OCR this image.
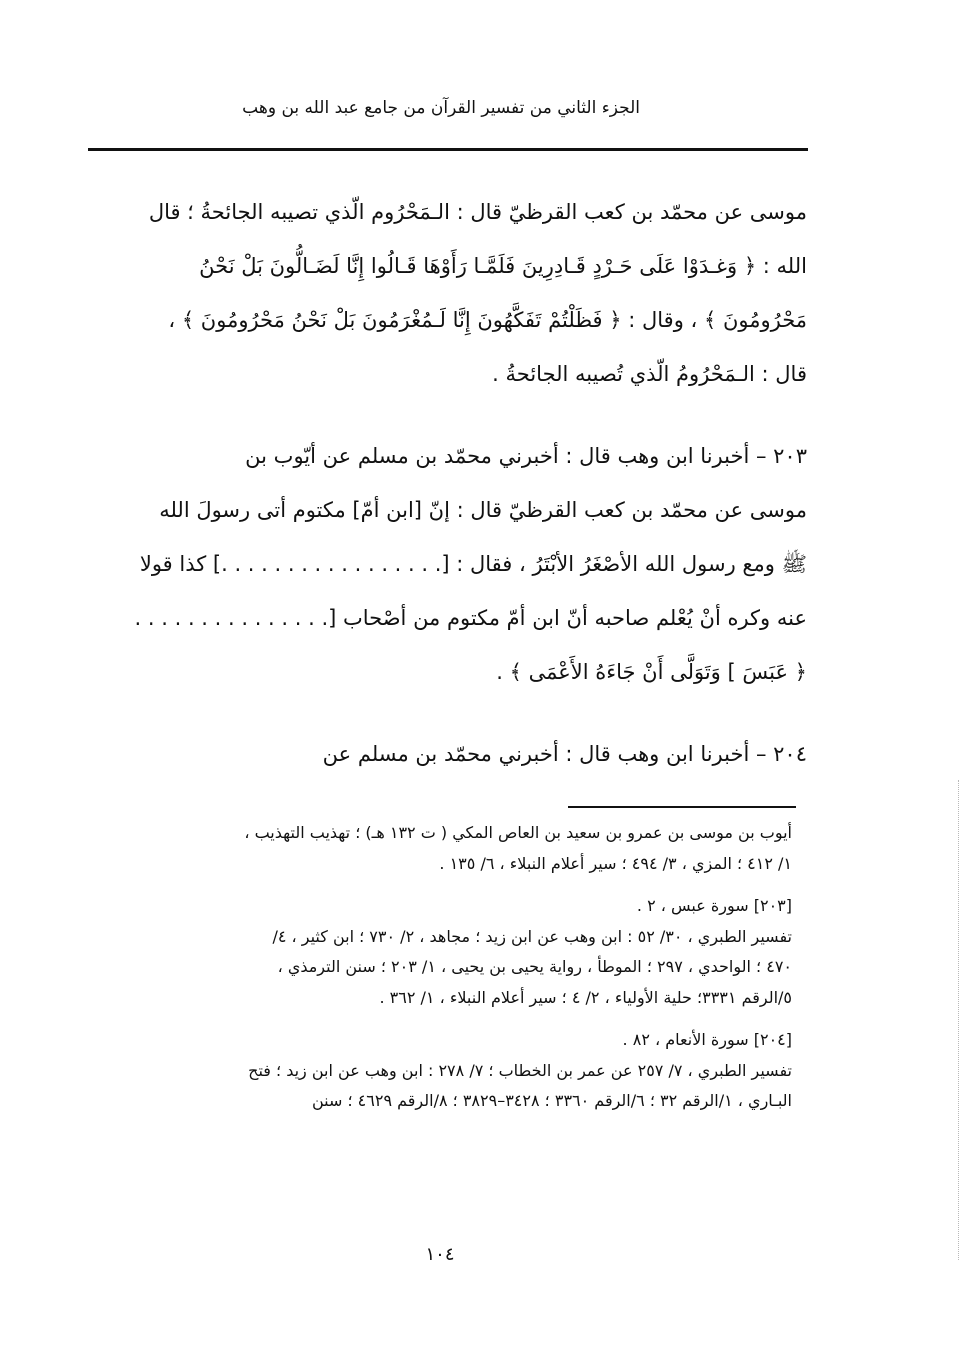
الجزء الثاني من تفسير القرآن من جامع عبد الله بن وهب

موسى عن محمّد بن كعب القرظيّ قال : الـمَحْرُوم الّذي تصيبه الجائحةُ ؛ قال

الله : ﴿ وَغـدَوْا عَلَى حَـرْدٍ قَـادِرِينَ فَلَمَّـا رَأَوْهَا قَـالُوا إِنَّا لَضَـالُّونَ بَلْ نَحْنُ

مَحْرُومُونَ ﴾ ، وقال : ﴿ فَظَلْتُمْ تَفَكَّهُونَ إِنَّا لَـمُغْرَمُونَ بَلْ نَحْنُ مَحْرُومُونَ ﴾ ،

قال : الـمَحْرُومُ الّذي تُصيبه الجائحةُ .

٢٠٣ – أخبرنا ابن وهب قال : أخبرني محمّد بن مسلم عن أيّوب بن

موسى عن محمّد بن كعب القرظيّ قال : إنّ [ابن أمّ] مكتوم أتى رسولَ الله

ﷺ ومع رسول الله الأصْغَرُ الأبْتَرُ ، فقال : [. . . . . . . . . . . . . . . . .] كذا قولا

عنه وكره أنْ يُعْلم صاحبه أنّ ابن أمّ مكتوم من أصْحاب [. . . . . . . . . . . . . . .

﴿ عَبَسَ ] وَتَوَلَّى أَنْ جَاءَهُ الأَعْمَى ﴾ .

٢٠٤ – أخبرنا ابن وهب قال : أخبرني محمّد بن مسلم عن

أيوب بن موسى بن عمرو بن سعيد بن العاص المكي ( ت ١٣٢ هـ) ؛ تهذيب التهذيب ،

١/ ٤١٢ ؛ المزي ، ٣/ ٤٩٤ ؛ سير أعلام النبلاء ، ٦/ ١٣٥ .

[٢٠٣] سورة عبس ، ٢ .

تفسير الطبري ، ٣٠/ ٥٢ : ابن وهب عن ابن زيد ؛ مجاهد ، ٢/ ٧٣٠ ؛ ابن كثير ، ٤/

٤٧٠ ؛ الواحدي ، ٢٩٧ ؛ الموطأ ، رواية يحيى بن يحيى ، ١/ ٢٠٣ ؛ سنن الترمذي ،

٥/الرقم ٣٣٣١؛ حلية الأولياء ، ٢/ ٤ ؛ سير أعلام النبلاء ، ١/ ٣٦٢ .

[٢٠٤] سورة الأنعام ، ٨٢ .

تفسير الطبري ، ٧/ ٢٥٧ عن عمر بن الخطاب ؛ ٧/ ٢٧٨ : ابن وهب عن ابن زيد ؛ فتح

البـاري ، ١/الرقم ٣٢ ؛ ٦/الرقم ٣٣٦٠ ؛ ٣٤٢٨–٣٨٢٩ ؛ ٨/الرقم ٤٦٢٩ ؛ سنن

١٠٤
